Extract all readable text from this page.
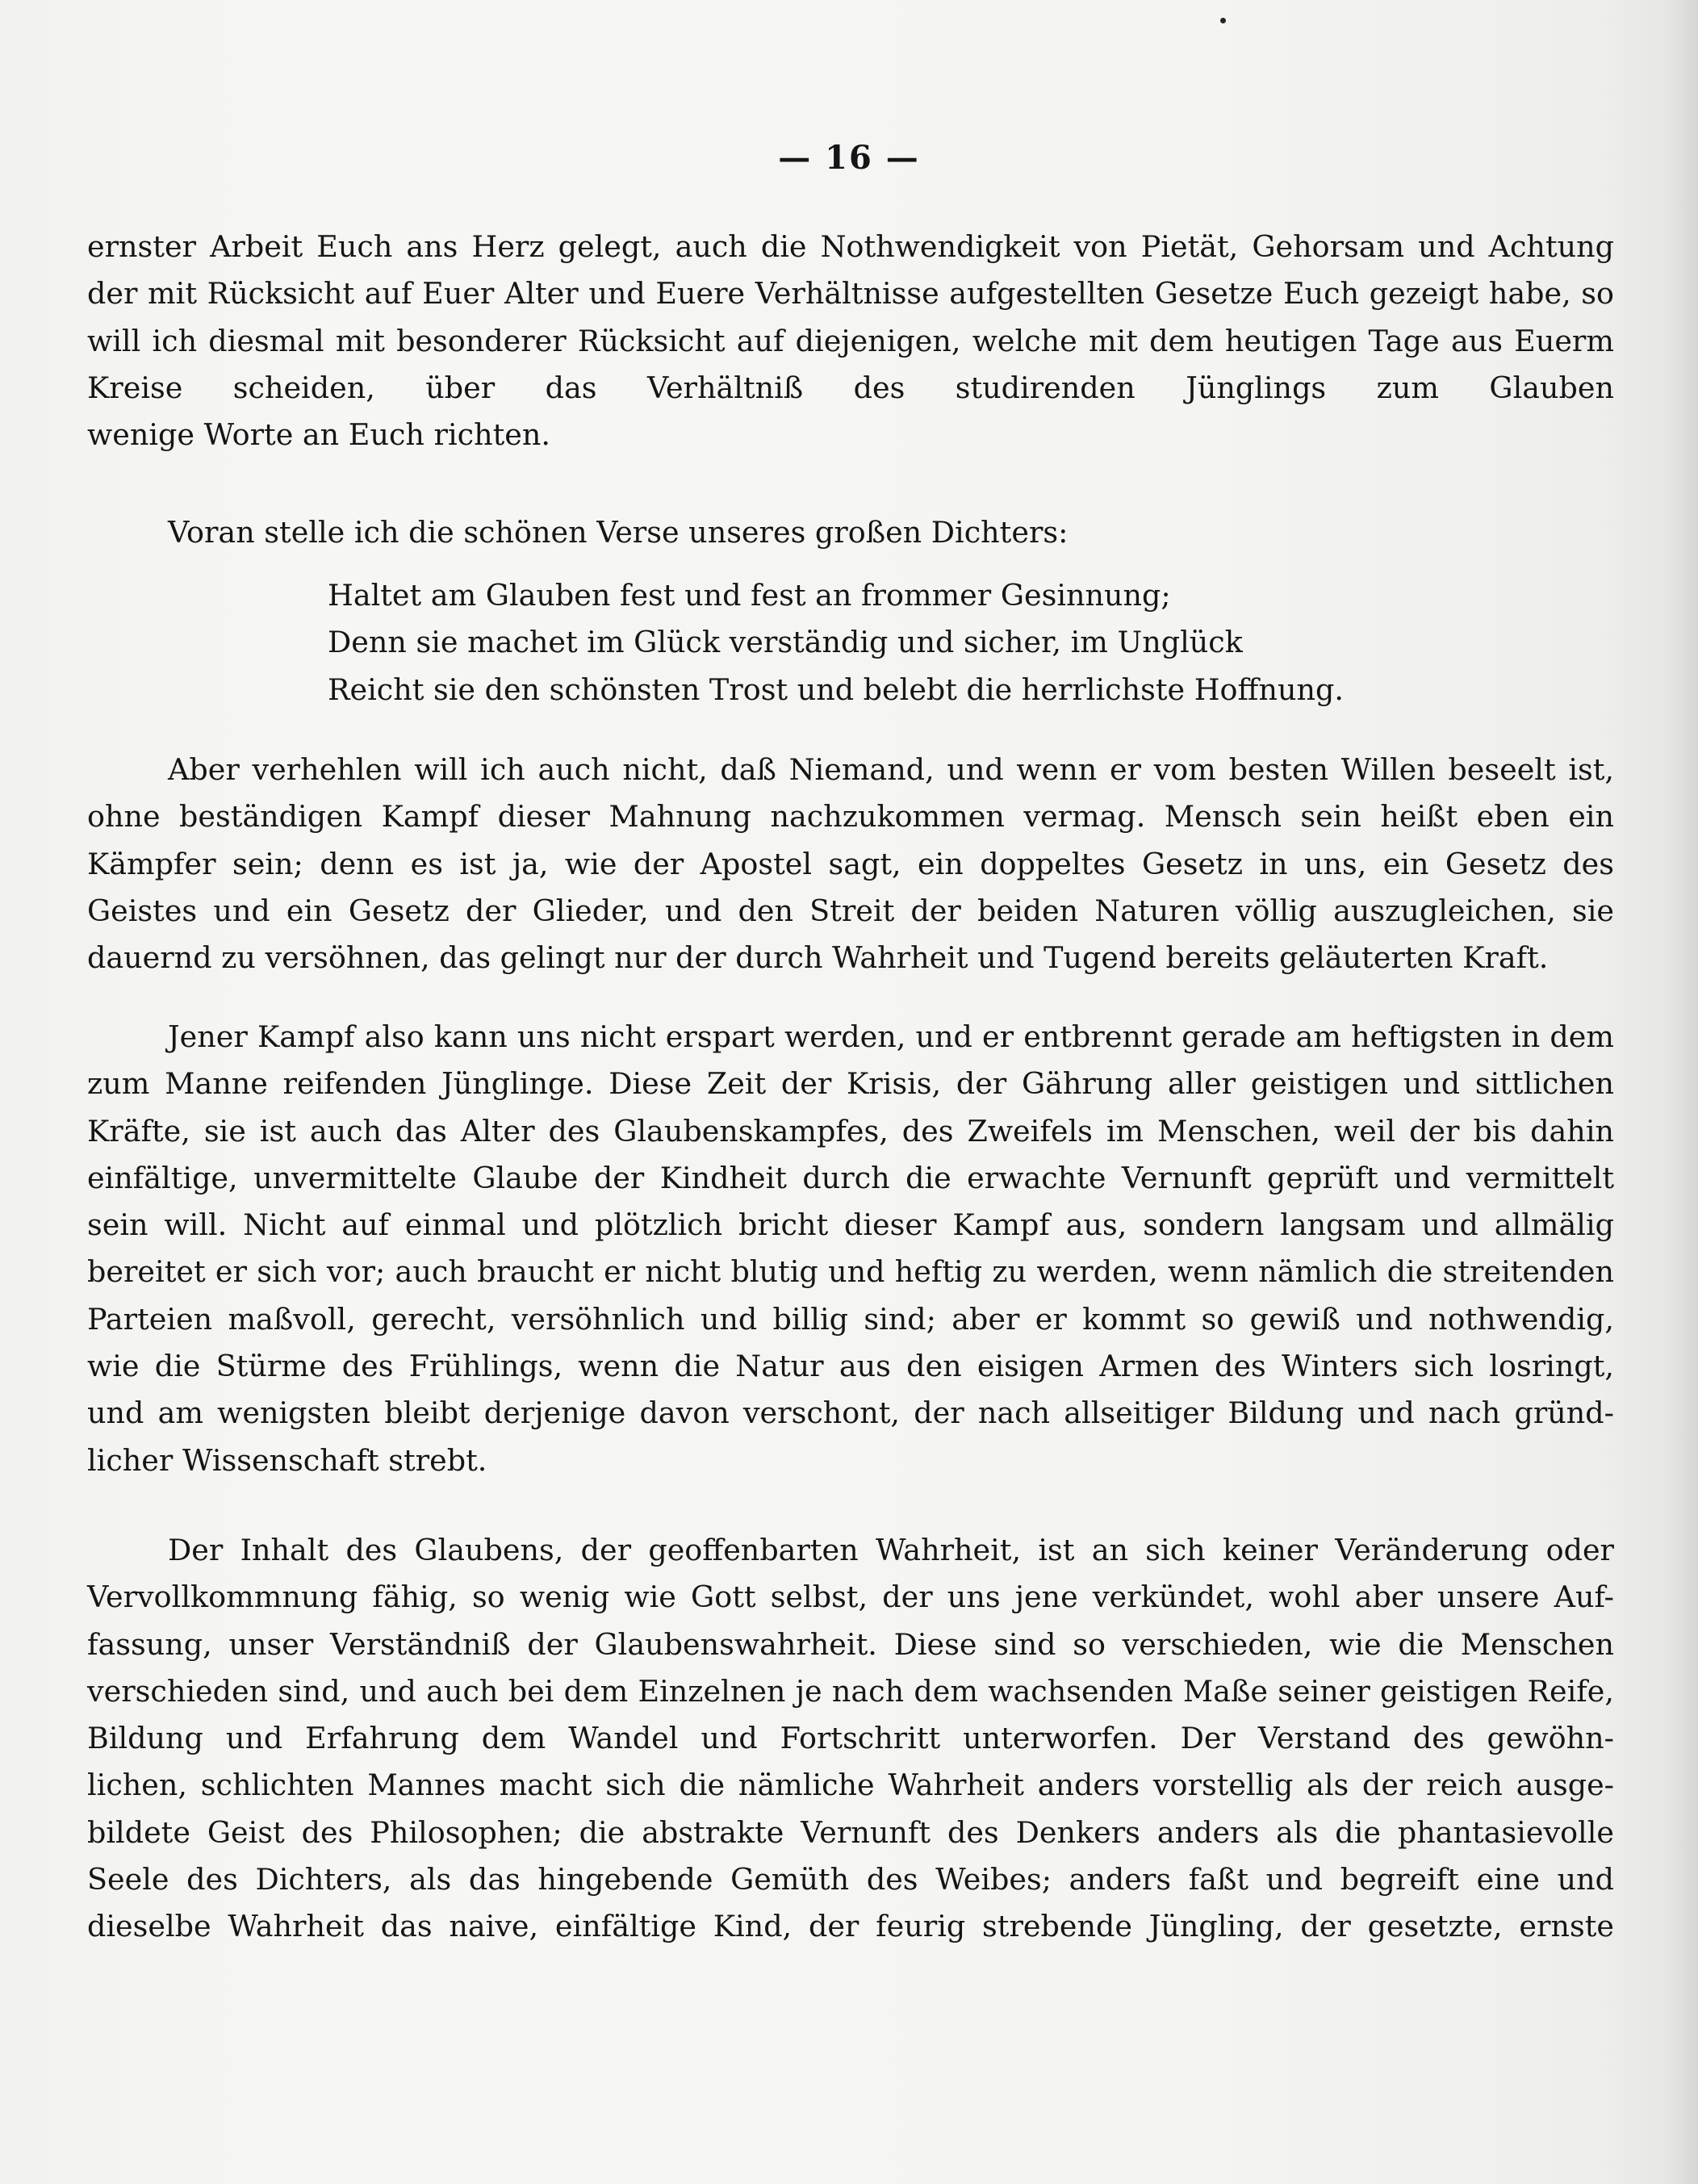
— 16 —
ernster Arbeit Euch ans Herz gelegt, auch die Nothwendigkeit von Pietät, Gehorsam und Achtung
der mit Rücksicht auf Euer Alter und Euere Verhältnisse aufgestellten Gesetze Euch gezeigt habe, so
will ich diesmal mit besonderer Rücksicht auf diejenigen, welche mit dem heutigen Tage aus Euerm
Kreise scheiden, über das Verhältniß des studirenden Jünglings zum Glauben
wenige Worte an Euch richten.
Voran stelle ich die schönen Verse unseres großen Dichters:
Haltet am Glauben fest und fest an frommer Gesinnung;
Denn sie machet im Glück verständig und sicher, im Unglück
Reicht sie den schönsten Trost und belebt die herrlichste Hoffnung.
Aber verhehlen will ich auch nicht, daß Niemand, und wenn er vom besten Willen beseelt ist,
ohne beständigen Kampf dieser Mahnung nachzukommen vermag. Mensch sein heißt eben ein
Kämpfer sein; denn es ist ja, wie der Apostel sagt, ein doppeltes Gesetz in uns, ein Gesetz des
Geistes und ein Gesetz der Glieder, und den Streit der beiden Naturen völlig auszugleichen, sie
dauernd zu versöhnen, das gelingt nur der durch Wahrheit und Tugend bereits geläuterten Kraft.
Jener Kampf also kann uns nicht erspart werden, und er entbrennt gerade am heftigsten in dem
zum Manne reifenden Jünglinge. Diese Zeit der Krisis, der Gährung aller geistigen und sittlichen
Kräfte, sie ist auch das Alter des Glaubenskampfes, des Zweifels im Menschen, weil der bis dahin
einfältige, unvermittelte Glaube der Kindheit durch die erwachte Vernunft geprüft und vermittelt
sein will. Nicht auf einmal und plötzlich bricht dieser Kampf aus, sondern langsam und allmälig
bereitet er sich vor; auch braucht er nicht blutig und heftig zu werden, wenn nämlich die streitenden
Parteien maßvoll, gerecht, versöhnlich und billig sind; aber er kommt so gewiß und nothwendig,
wie die Stürme des Frühlings, wenn die Natur aus den eisigen Armen des Winters sich losringt,
und am wenigsten bleibt derjenige davon verschont, der nach allseitiger Bildung und nach gründ-
licher Wissenschaft strebt.
Der Inhalt des Glaubens, der geoffenbarten Wahrheit, ist an sich keiner Veränderung oder
Vervollkommnung fähig, so wenig wie Gott selbst, der uns jene verkündet, wohl aber unsere Auf-
fassung, unser Verständniß der Glaubenswahrheit. Diese sind so verschieden, wie die Menschen
verschieden sind, und auch bei dem Einzelnen je nach dem wachsenden Maße seiner geistigen Reife,
Bildung und Erfahrung dem Wandel und Fortschritt unterworfen. Der Verstand des gewöhn-
lichen, schlichten Mannes macht sich die nämliche Wahrheit anders vorstellig als der reich ausge-
bildete Geist des Philosophen; die abstrakte Vernunft des Denkers anders als die phantasievolle
Seele des Dichters, als das hingebende Gemüth des Weibes; anders faßt und begreift eine und
dieselbe Wahrheit das naive, einfältige Kind, der feurig strebende Jüngling, der gesetzte, ernste
